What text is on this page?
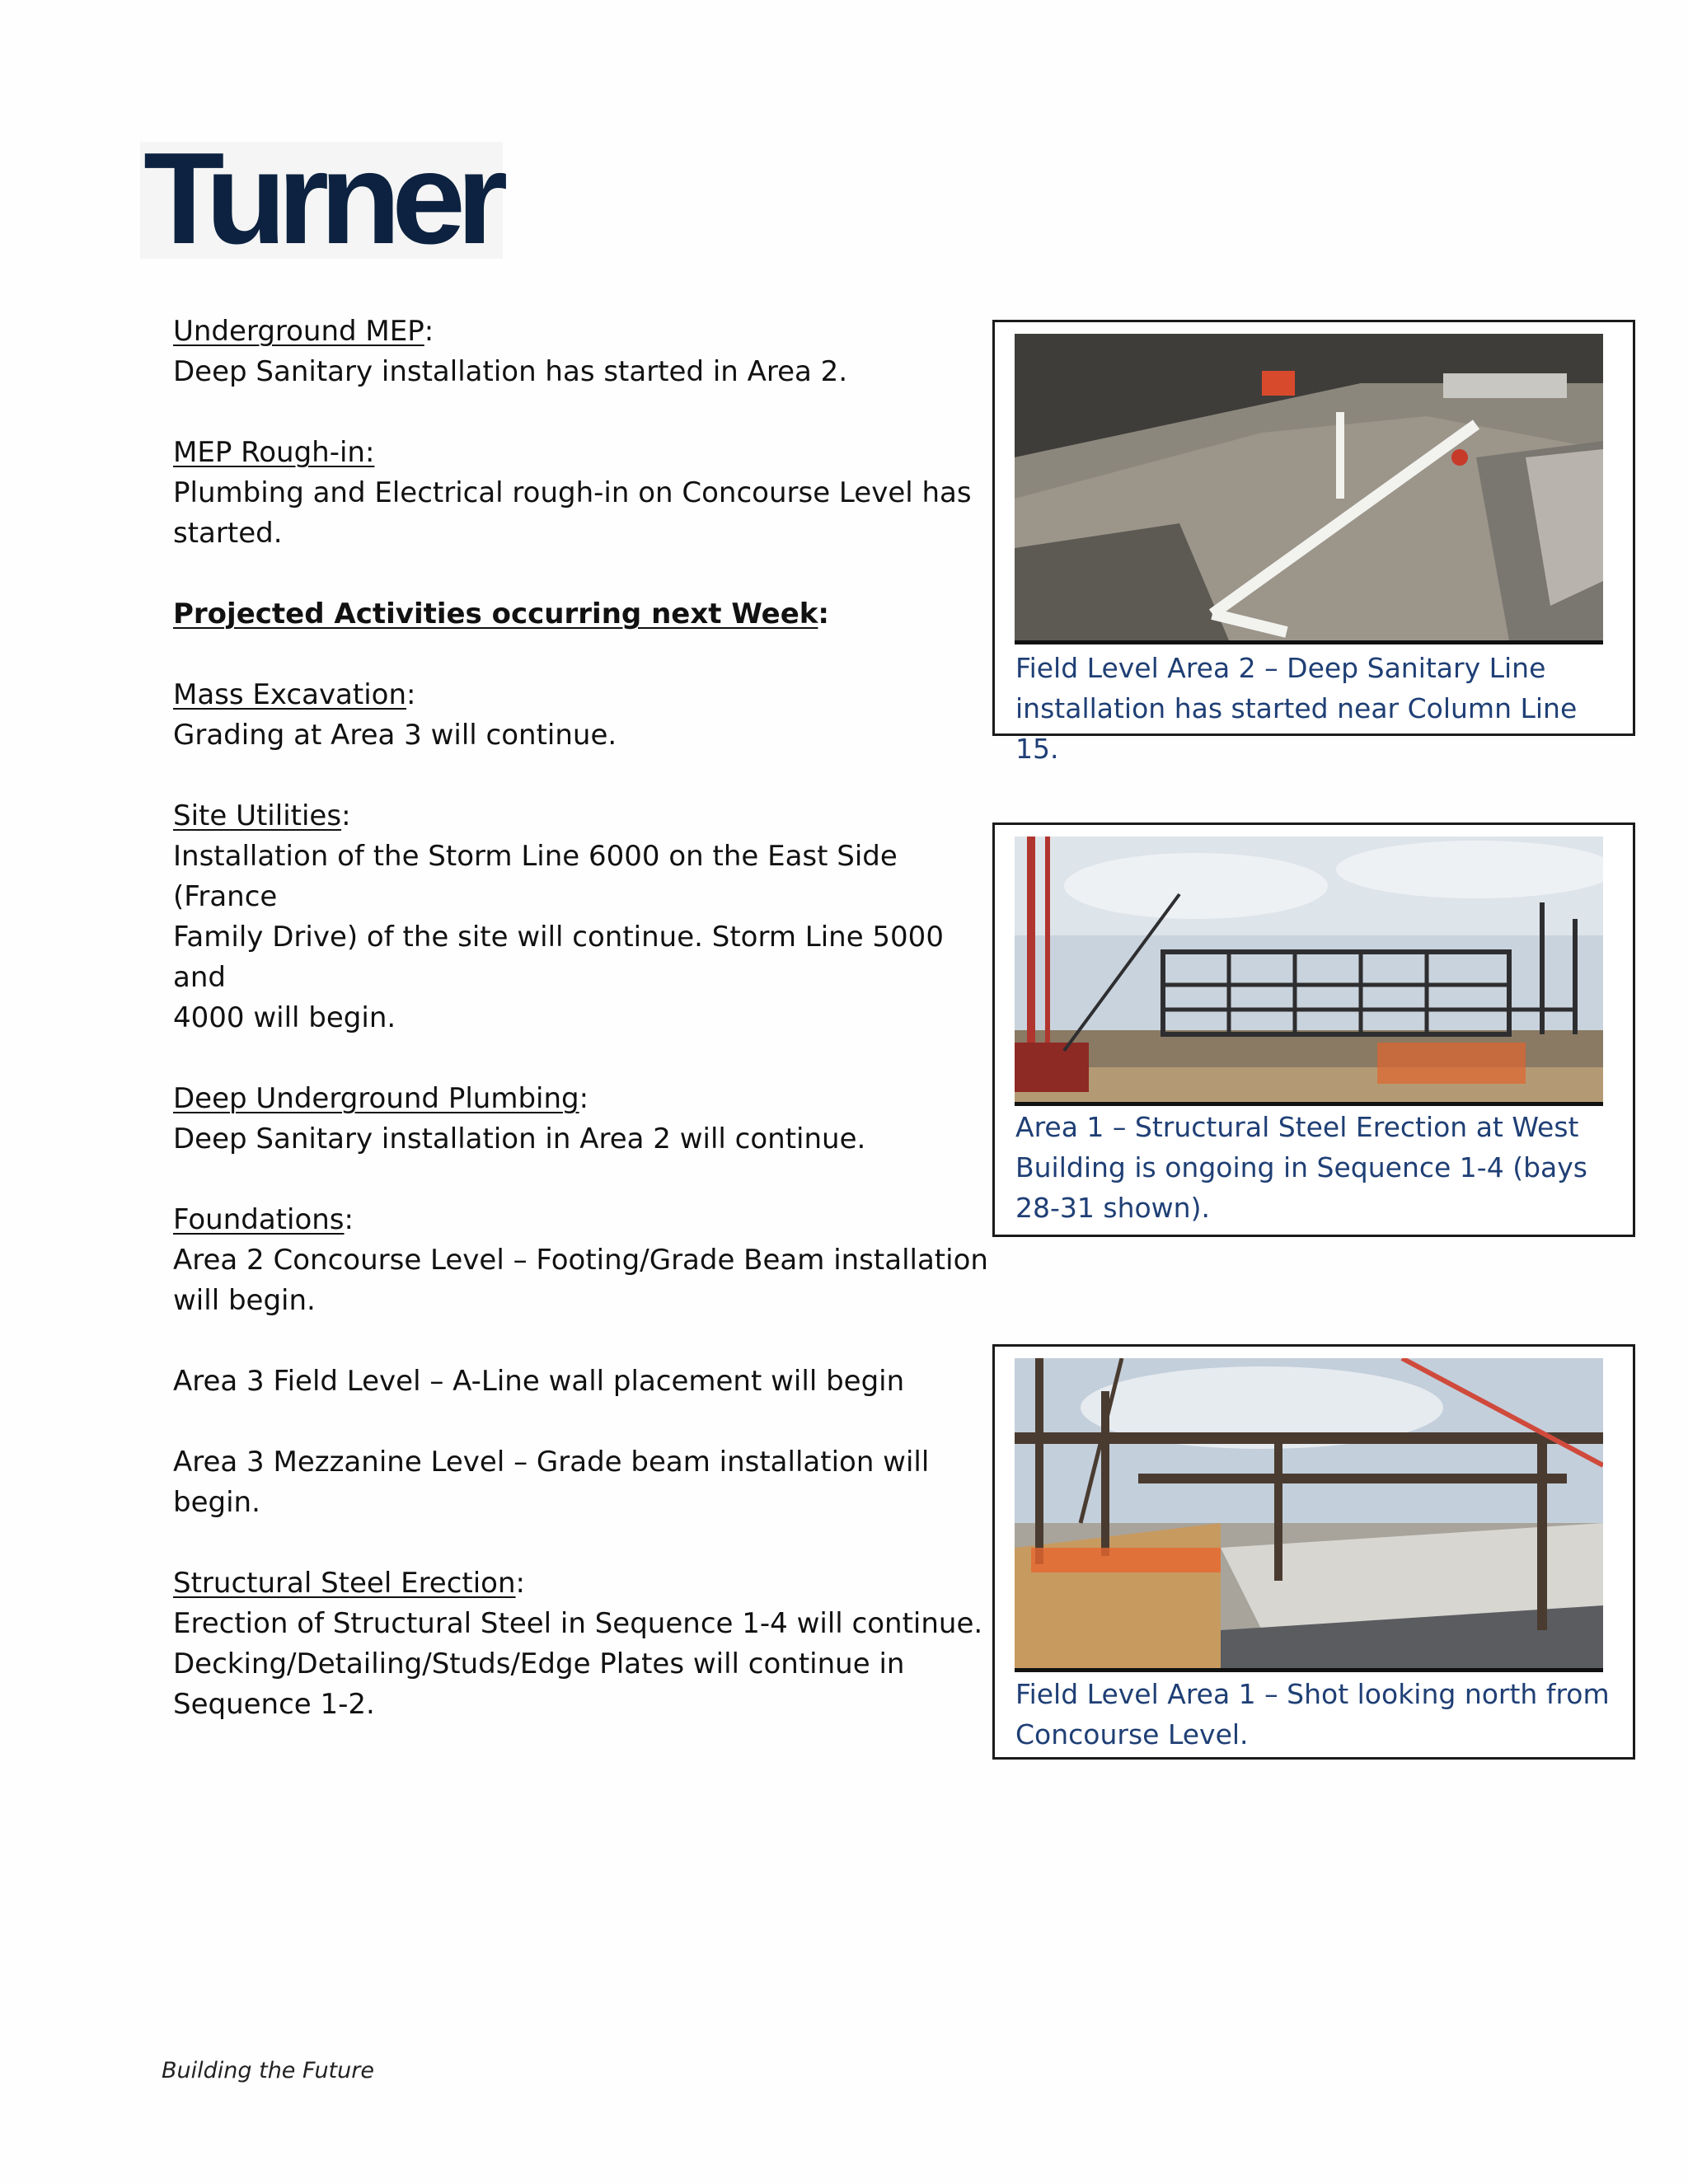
Turner

Underground MEP:

Deep Sanitary installation has started in Area 2.

MEP Rough-in:

Plumbing and Electrical rough-in on Concourse Level has

started.

Projected Activities occurring next Week:

Mass Excavation:

Grading at Area 3 will continue.

Site Utilities:

Installation of the Storm Line 6000 on the East Side (France

Family Drive) of the site will continue. Storm Line 5000 and

4000 will begin.

Deep Underground Plumbing:

Deep Sanitary installation in Area 2 will continue.

Foundations:

Area 2 Concourse Level – Footing/Grade Beam installation

will begin.

Area 3 Field Level – A-Line wall placement will begin

Area 3 Mezzanine Level – Grade beam installation will

begin.

Structural Steel Erection:

Erection of Structural Steel in Sequence 1-4 will continue.

Decking/Detailing/Studs/Edge Plates will continue in

Sequence 1-2.

Field Level Area 2 – Deep Sanitary Line
installation has started near Column Line 15.
Area 1 – Structural Steel Erection at West
Building is ongoing in Sequence 1-4 (bays
28-31 shown).
Field Level Area 1 – Shot looking north from
Concourse Level.
Building the Future
